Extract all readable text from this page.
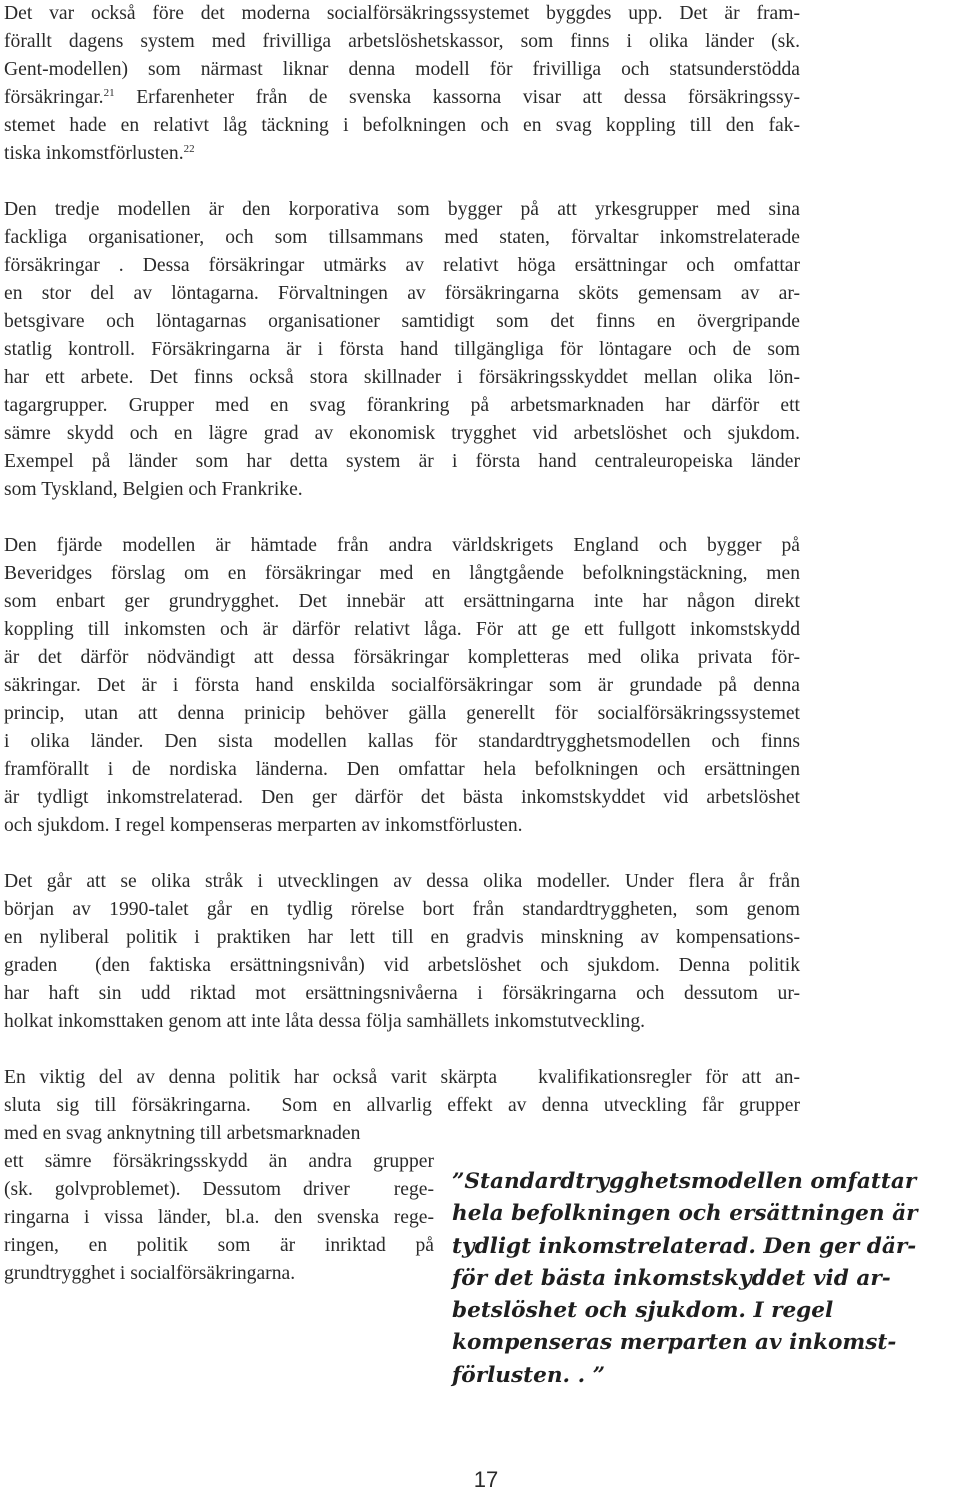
Det var också före det moderna socialförsäkringssystemet byggdes upp. Det är fram-
förallt dagens system med frivilliga arbetslöshetskassor, som finns i olika länder (sk.
Gent-modellen) som närmast liknar denna modell för frivilliga och statsunderstödda
försäkringar.$^{21}$ Erfarenheter från de svenska kassorna visar att dessa försäkringssy-
stemet hade en relativt låg täckning i befolkningen och en svag koppling till den fak-
tiska inkomstförlusten.$^{22}$
Den tredje modellen är den korporativa som bygger på att yrkesgrupper med sina
fackliga organisationer, och som tillsammans med staten, förvaltar inkomstrelaterade
försäkringar . Dessa försäkringar utmärks av relativt höga ersättningar och omfattar
en stor del av löntagarna. Förvaltningen av försäkringarna sköts gemensam av ar-
betsgivare och löntagarnas organisationer samtidigt som det finns en övergripande
statlig kontroll. Försäkringarna är i första hand tillgängliga för löntagare och de som
har ett arbete. Det finns också stora skillnader i försäkringsskyddet mellan olika lön-
tagargrupper. Grupper med en svag förankring på arbetsmarknaden har därför ett
sämre skydd och en lägre grad av ekonomisk trygghet vid arbetslöshet och sjukdom.
Exempel på länder som har detta system är i första hand centraleuropeiska länder
som Tyskland, Belgien och Frankrike.
Den fjärde modellen är hämtade från andra världskrigets England och bygger på
Beveridges förslag om en försäkringar med en långtgående befolkningstäckning, men
som enbart ger grundrygghet. Det innebär att ersättningarna inte har någon direkt
koppling till inkomsten och är därför relativt låga. För att ge ett fullgott inkomstskydd
är det därför nödvändigt att dessa försäkringar kompletteras med olika privata för-
säkringar. Det är i första hand enskilda socialförsäkringar som är grundade på denna
princip, utan att denna prinicip behöver gälla generellt för socialförsäkringssystemet
i olika länder. Den sista modellen kallas för standardtrygghetsmodellen och finns
framförallt i de nordiska länderna. Den omfattar hela befolkningen och ersättningen
är tydligt inkomstrelaterad. Den ger därför det bästa inkomstskyddet vid arbetslöshet
och sjukdom. I regel kompenseras merparten av inkomstförlusten.
Det går att se olika stråk i utvecklingen av dessa olika modeller. Under flera år från
början av 1990-talet går en tydlig rörelse bort från standardtryggheten, som genom
en nyliberal politik i praktiken har lett till en gradvis minskning av kompensations-
graden  (den faktiska ersättningsnivån) vid arbetslöshet och sjukdom. Denna politik
har haft sin udd riktad mot ersättningsnivåerna i försäkringarna och dessutom ur-
holkat inkomsttaken genom att inte låta dessa följa samhällets inkomstutveckling.
En viktig del av denna politik har också varit skärpta   kvalifikationsregler för att an-
sluta sig till försäkringarna.  Som en allvarlig effekt av denna utveckling får grupper
med en svag anknytning till arbetsmarknaden
ett sämre försäkringsskydd än andra grupper
(sk. golvproblemet). Dessutom driver  rege-
ringarna i vissa länder, bl.a. den svenska rege-
ringen, en politik som är inriktad på
grundtrygghet i socialförsäkringarna.
”Standardtrygghetsmodellen omfattar
hela befolkningen och ersättningen är
tydligt inkomstrelaterad. Den ger där-
för det bästa inkomstskyddet vid ar-
betslöshet och sjukdom. I regel
kompenseras merparten av inkomst-
förlusten. . ”
17
